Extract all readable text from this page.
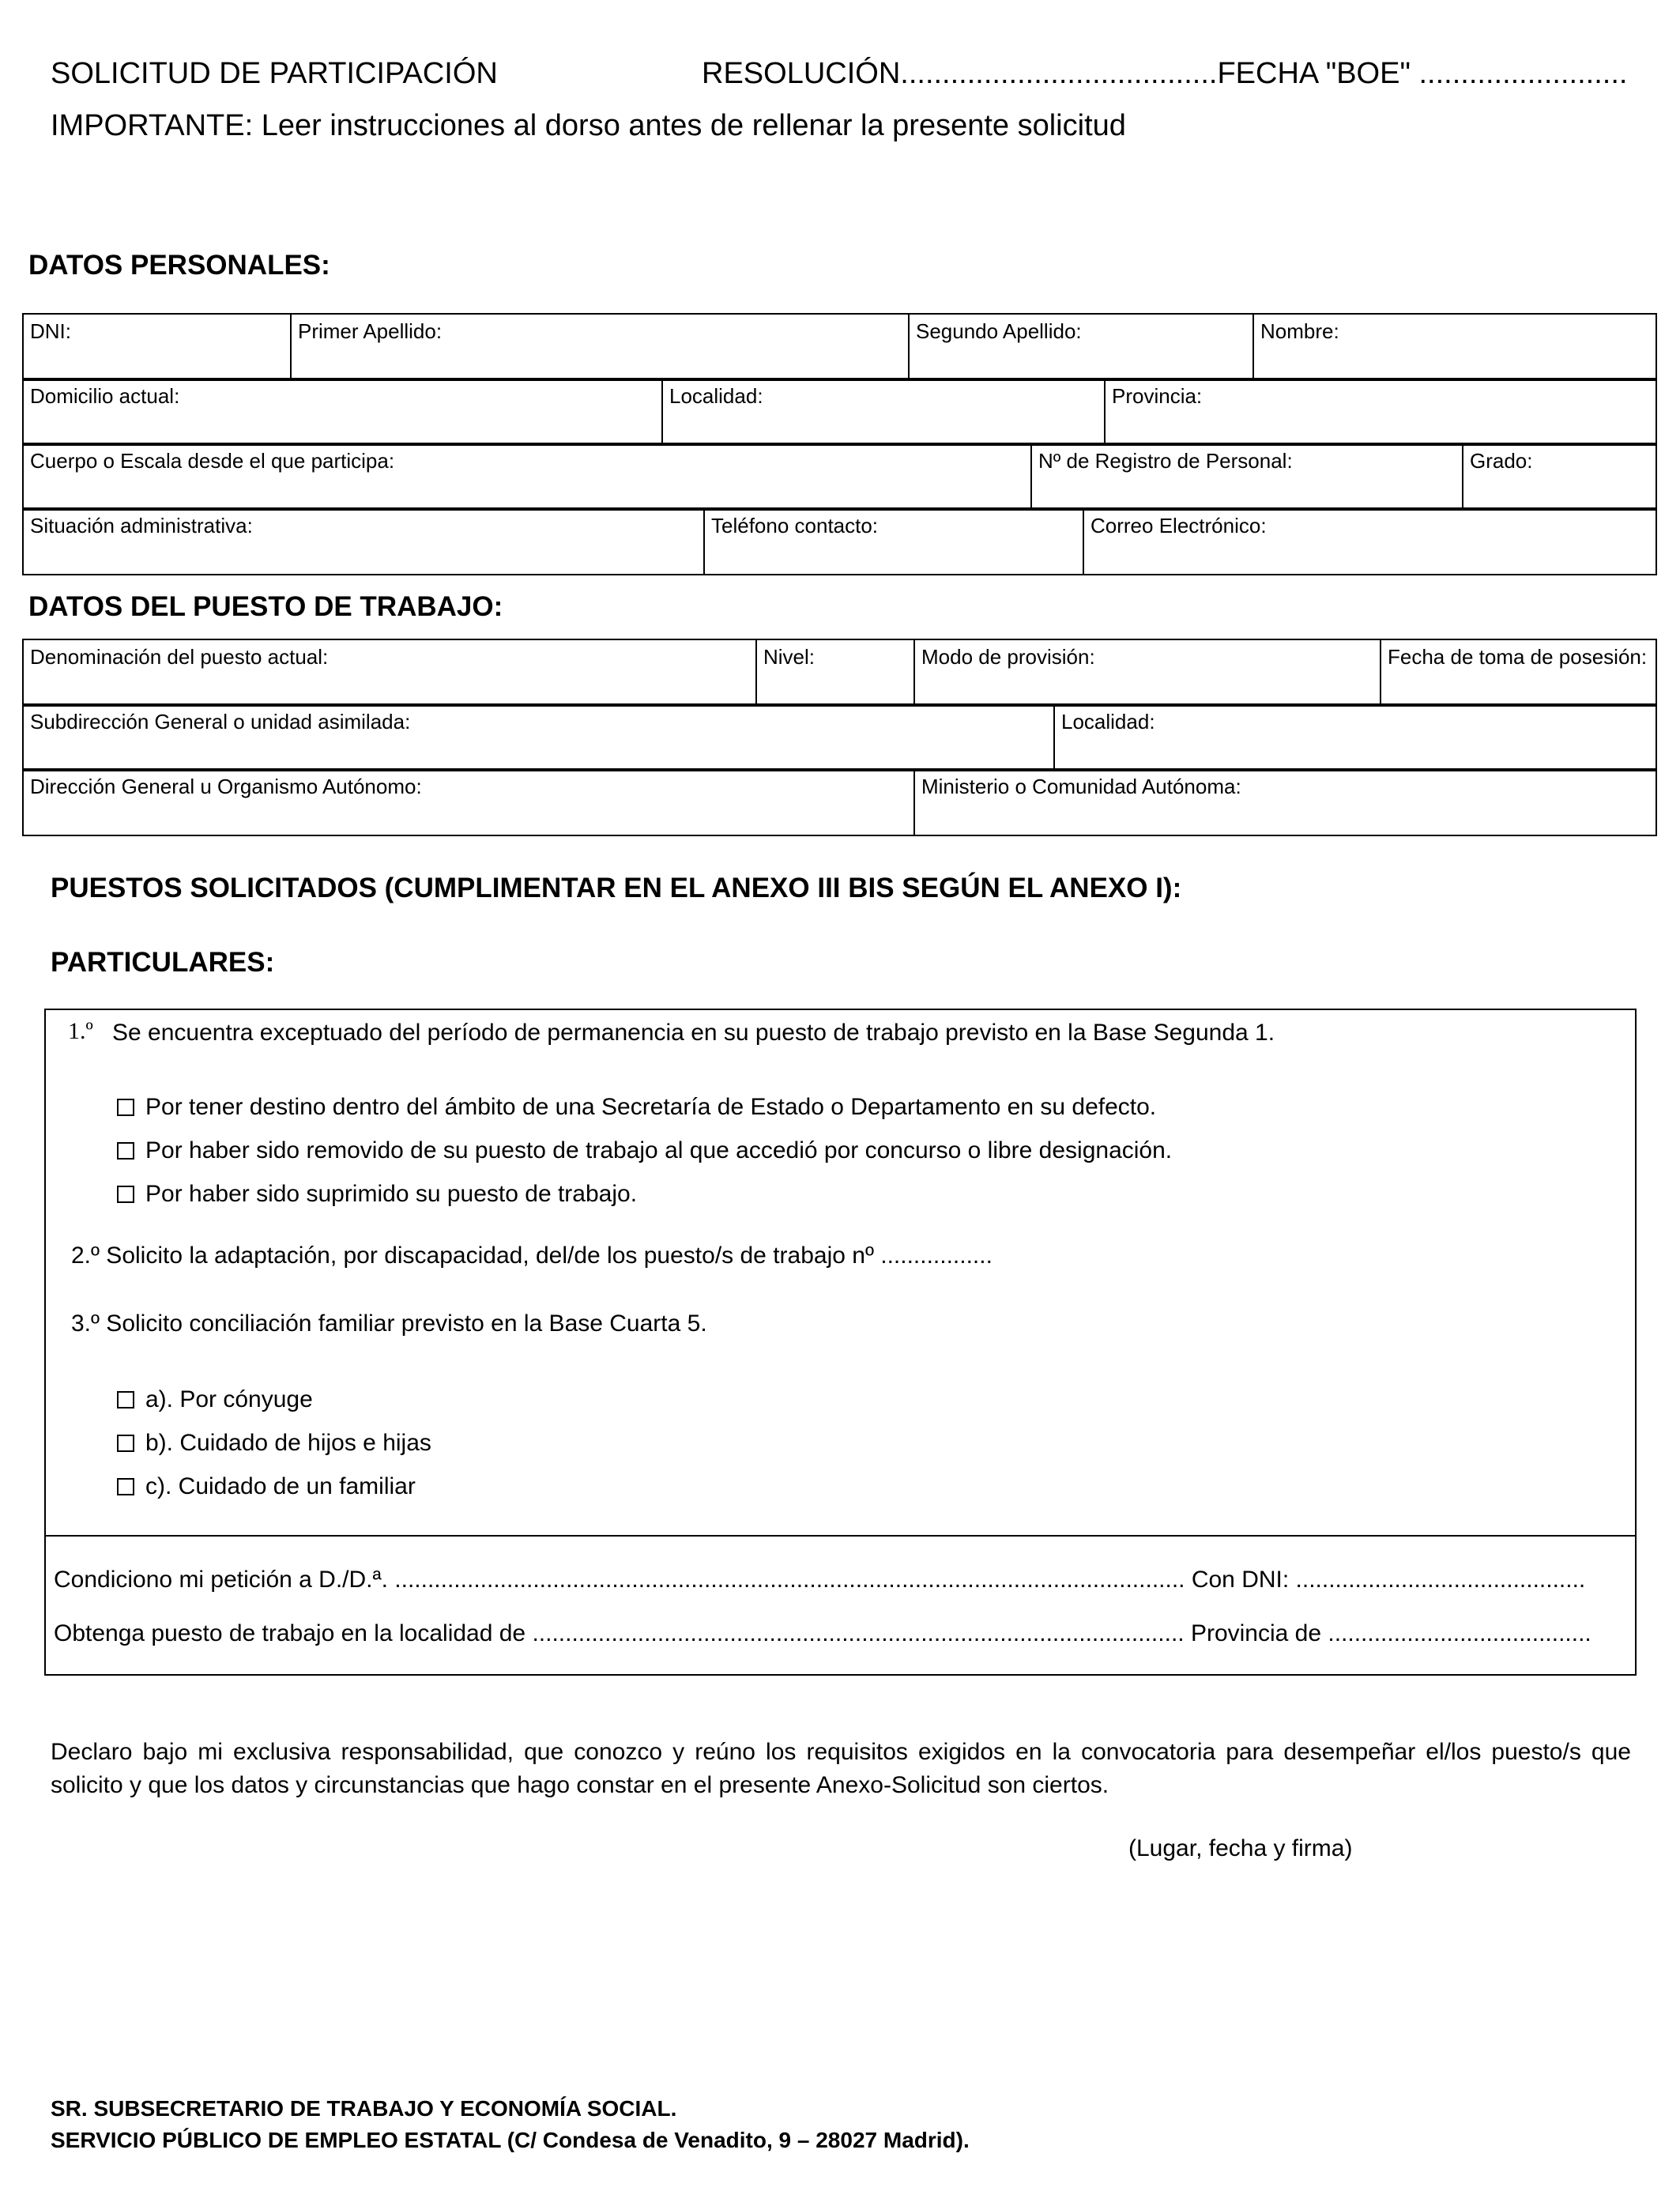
SOLICITUD DE PARTICIPACIÓN	RESOLUCIÓN......................................FECHA "BOE" .........................
IMPORTANTE: Leer instrucciones al dorso antes de rellenar la presente solicitud
DATOS PERSONALES:
DNI:	Primer Apellido:	Segundo Apellido:	Nombre:
Domicilio actual:	Localidad:	Provincia:
Cuerpo o Escala desde el que participa:	Nº de Registro de Personal:	Grado:
Situación administrativa:	Teléfono contacto:	Correo Electrónico:
DATOS DEL PUESTO DE TRABAJO:
Denominación del puesto actual:	Nivel:	Modo de provisión:	Fecha de toma de posesión:
Subdirección General o unidad asimilada:	Localidad:
Dirección General u Organismo Autónomo:	Ministerio o Comunidad Autónoma:
PUESTOS SOLICITADOS (CUMPLIMENTAR EN EL ANEXO III BIS SEGÚN EL ANEXO I):
PARTICULARES:
1.º Se encuentra exceptuado del período de permanencia en su puesto de trabajo previsto en la Base Segunda 1.
Por tener destino dentro del ámbito de una Secretaría de Estado o Departamento en su defecto.
Por haber sido removido de su puesto de trabajo al que accedió por concurso o libre designación.
Por haber sido suprimido su puesto de trabajo.
2.º Solicito la adaptación, por discapacidad, del/de los puesto/s de trabajo nº .................
3.º Solicito conciliación familiar previsto en la Base Cuarta 5.
a). Por cónyuge
b). Cuidado de hijos e hijas
c). Cuidado de un familiar
Condiciono mi petición a D./D.ª. ........................................................................................................................ Con DNI: ............................................
Obtenga puesto de trabajo en la localidad de ................................................................................................... Provincia de ........................................
Declaro bajo mi exclusiva responsabilidad, que conozco y reúno los requisitos exigidos en la convocatoria para desempeñar el/los puesto/s que solicito y que los datos y circunstancias que hago constar en el presente Anexo-Solicitud son ciertos.
(Lugar, fecha y firma)
SR. SUBSECRETARIO DE TRABAJO Y ECONOMÍA SOCIAL.
SERVICIO PÚBLICO DE EMPLEO ESTATAL (C/ Condesa de Venadito, 9 – 28027 Madrid).
